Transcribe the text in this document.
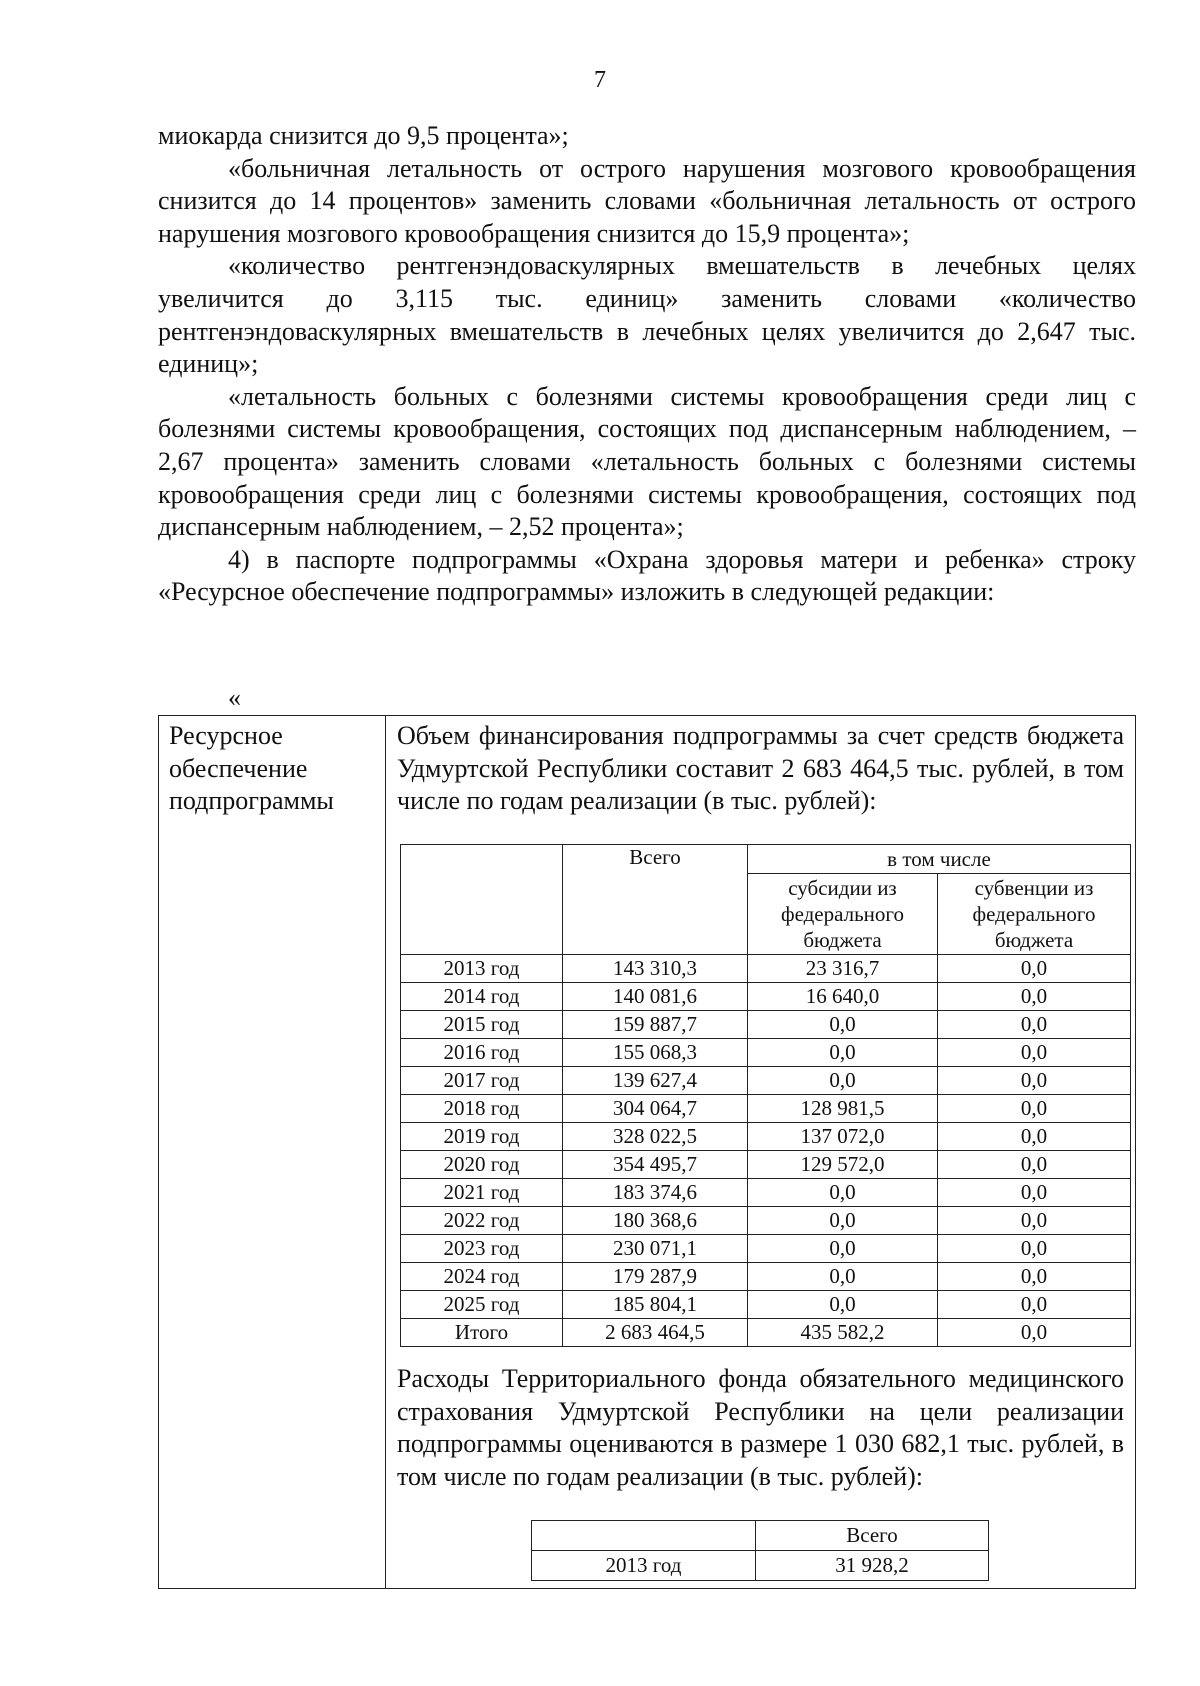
7

миокарда снизится до 9,5 процента»;

«больничная летальность от острого нарушения мозгового кровообращения снизится до 14 процентов» заменить словами «больничная летальность от острого нарушения мозгового кровообращения снизится до 15,9 процента»;

«количество рентгенэндоваскулярных вмешательств в лечебных целях увеличится до 3,115 тыс. единиц» заменить словами «количество рентгенэндоваскулярных вмешательств в лечебных целях увеличится до 2,647 тыс. единиц»;

«летальность больных с болезнями системы кровообращения среди лиц с болезнями системы кровообращения, состоящих под диспансерным наблюдением, – 2,67 процента» заменить словами «летальность больных с болезнями системы кровообращения среди лиц с болезнями системы кровообращения, состоящих под диспансерным наблюдением, – 2,52 процента»;

4) в паспорте подпрограммы «Охрана здоровья матери и ребенка» строку «Ресурсное обеспечение подпрограммы» изложить в следующей редакции:

«
Ресурсное
обеспечение
подпрограммы

Объем финансирования подпрограммы за счет средств бюджета Удмуртской Республики составит 2 683 464,5 тыс. рублей, в том числе по годам реализации (в тыс. рублей):

	Всего	в том числе	
		субсидии из федерального бюджета	субвенции из федерального бюджета
2013 год	143 310,3	23 316,7	0,0
2014 год	140 081,6	16 640,0	0,0
2015 год	159 887,7	0,0	0,0
2016 год	155 068,3	0,0	0,0
2017 год	139 627,4	0,0	0,0
2018 год	304 064,7	128 981,5	0,0
2019 год	328 022,5	137 072,0	0,0
2020 год	354 495,7	129 572,0	0,0
2021 год	183 374,6	0,0	0,0
2022 год	180 368,6	0,0	0,0
2023 год	230 071,1	0,0	0,0
2024 год	179 287,9	0,0	0,0
2025 год	185 804,1	0,0	0,0
Итого	2 683 464,5	435 582,2	0,0

Расходы Территориального фонда обязательного медицинского страхования Удмуртской Республики на цели реализации подпрограммы оцениваются в размере 1 030 682,1 тыс. рублей, в том числе по годам реализации (в тыс. рублей):

	Всего
2013 год	31 928,2
